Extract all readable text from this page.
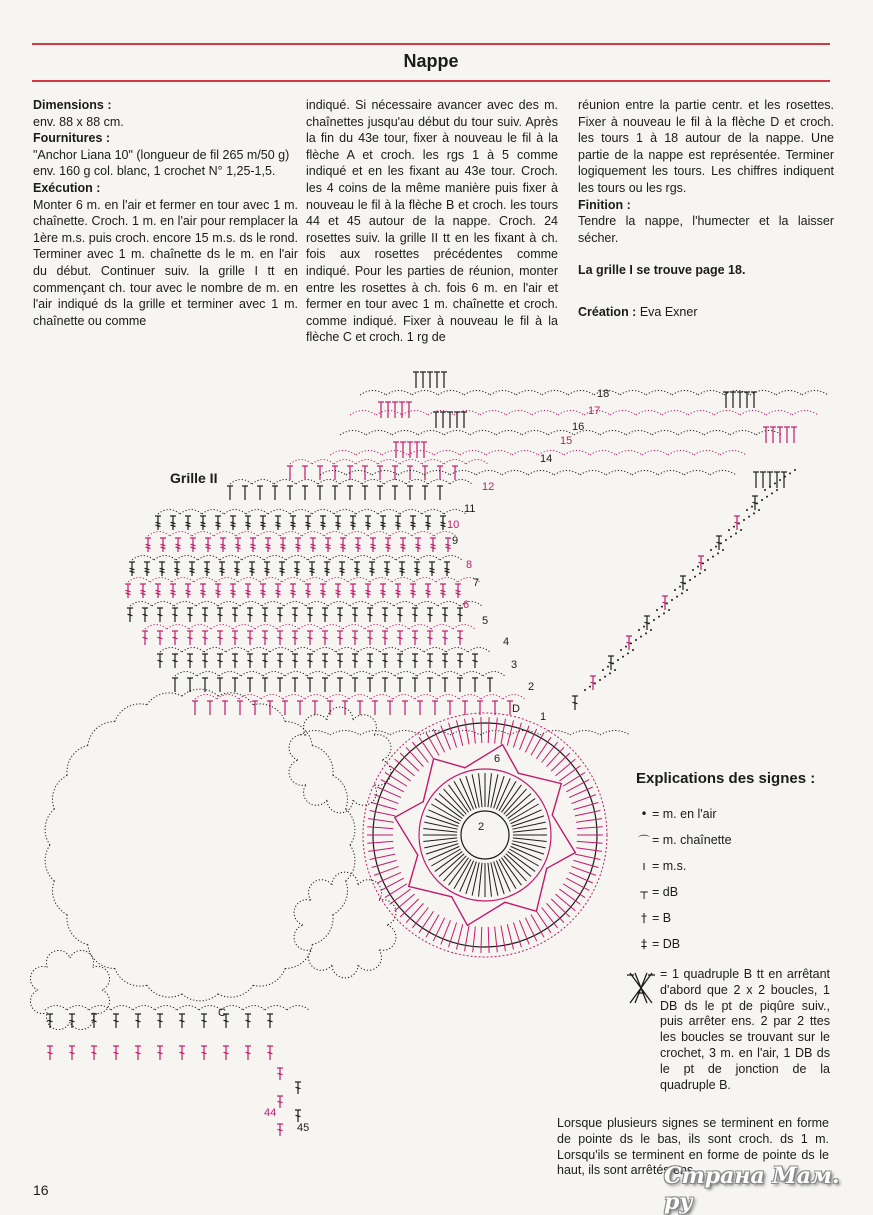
Nappe

Dimensions :

env. 88 x 88 cm.

Fournitures :

"Anchor Liana 10" (longueur de fil 265 m/50 g) env. 160 g col. blanc, 1 crochet N° 1,25-1,5.

Exécution :

Monter 6 m. en l'air et fermer en tour avec 1 m. chaînette. Croch. 1 m. en l'air pour remplacer la 1ère m.s. puis croch. encore 15 m.s. ds le rond. Terminer avec 1 m. chaînette ds le m. en l'air du début. Continuer suiv. la grille I tt en commençant ch. tour avec le nombre de m. en l'air indiqué ds la grille et terminer avec 1 m. chaînette ou comme

indiqué. Si nécessaire avancer avec des m. chaînettes jusqu'au début du tour suiv. Après la fin du 43e tour, fixer à nouveau le fil à la flèche A et croch. les rgs 1 à 5 comme indiqué et en les fixant au 43e tour. Croch. les 4 coins de la même manière puis fixer à nouveau le fil à la flèche B et croch. les tours 44 et 45 autour de la nappe. Croch. 24 rosettes suiv. la grille II tt en les fixant à ch. fois aux rosettes précédentes comme indiqué. Pour les parties de réunion, monter entre les rosettes à ch. fois 6 m. en l'air et fermer en tour avec 1 m. chaînette et croch. comme indiqué. Fixer à nouveau le fil à la flèche C et croch. 1 rg de

réunion entre la partie centr. et les rosettes. Fixer à nouveau le fil à la flèche D et croch. les tours 1 à 18 autour de la nappe. Une partie de la nappe est représentée. Terminer logiquement les tours. Les chiffres indiquent les tours ou les rgs.

Finition :

Tendre la nappe, l'humecter et la laisser sécher.

La grille I se trouve page 18.

Création : Eva Exner

Grille II
18
17
16
15
14
12
11
10
9
8
7
6
5
4
3
2
1
6
2
D
C
44
45
Explications des signes :
• = m. en l'air
⌒ = m. chaînette
ı = m.s.
┬ = dB
† = B
‡ = DB
= 1 quadruple B tt en arrêtant d'abord que 2 x 2 boucles, 1 DB ds le pt de piqûre suiv., puis arrêter ens. 2 par 2 ttes les boucles se trouvant sur le crochet, 3 m. en l'air, 1 DB ds le pt de jonction de la quadruple B.
Lorsque plusieurs signes se terminent en forme de pointe ds le bas, ils sont croch. ds 1 m. Lorsqu'ils se terminent en forme de pointe ds le haut, ils sont arrêtés ens.
16
Страна Мам. ру
